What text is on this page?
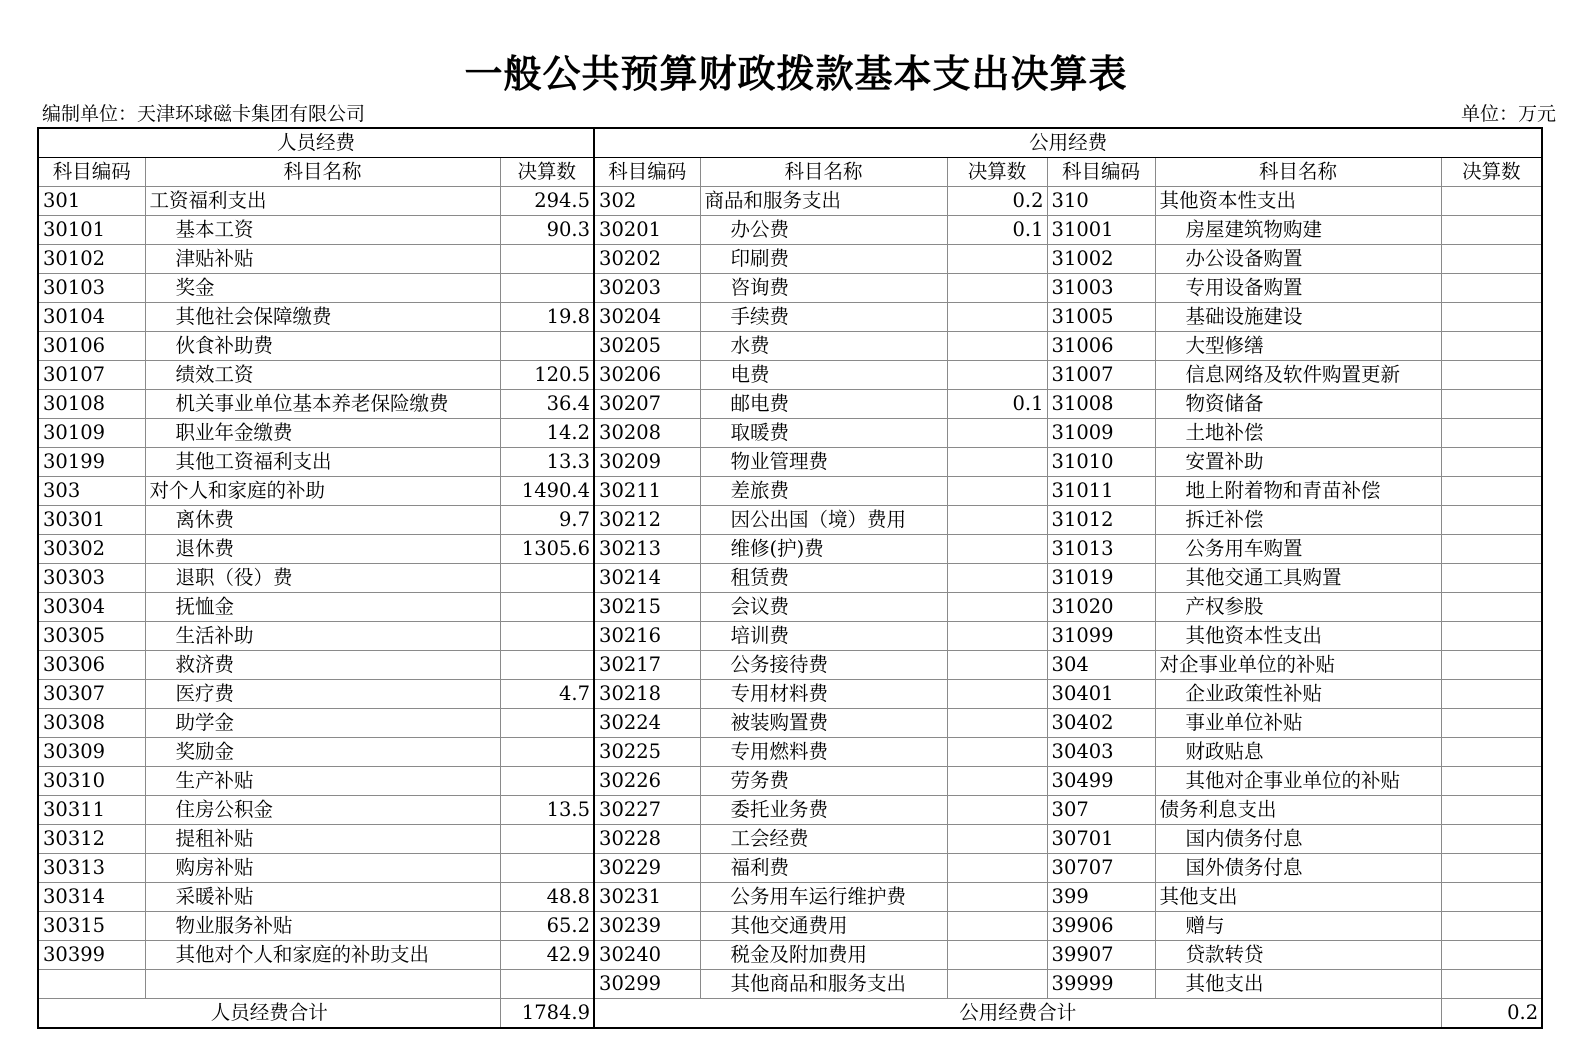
一般公共预算财政拨款基本支出决算表
编制单位：天津环球磁卡集团有限公司	单位：万元
人员经费			公用经费					
科目编码	科目名称	决算数	科目编码	科目名称	决算数	科目编码	科目名称	决算数
301	工资福利支出	294.5	302	商品和服务支出	0.2	310	其他资本性支出	
30101	基本工资	90.3	30201	办公费	0.1	31001	房屋建筑物购建	
30102	津贴补贴		30202	印刷费		31002	办公设备购置	
30103	奖金		30203	咨询费		31003	专用设备购置	
30104	其他社会保障缴费	19.8	30204	手续费		31005	基础设施建设	
30106	伙食补助费		30205	水费		31006	大型修缮	
30107	绩效工资	120.5	30206	电费		31007	信息网络及软件购置更新	
30108	机关事业单位基本养老保险缴费	36.4	30207	邮电费	0.1	31008	物资储备	
30109	职业年金缴费	14.2	30208	取暖费		31009	土地补偿	
30199	其他工资福利支出	13.3	30209	物业管理费		31010	安置补助	
303	对个人和家庭的补助	1490.4	30211	差旅费		31011	地上附着物和青苗补偿	
30301	离休费	9.7	30212	因公出国（境）费用		31012	拆迁补偿	
30302	退休费	1305.6	30213	维修(护)费		31013	公务用车购置	
30303	退职（役）费		30214	租赁费		31019	其他交通工具购置	
30304	抚恤金		30215	会议费		31020	产权参股	
30305	生活补助		30216	培训费		31099	其他资本性支出	
30306	救济费		30217	公务接待费		304	对企事业单位的补贴	
30307	医疗费	4.7	30218	专用材料费		30401	企业政策性补贴	
30308	助学金		30224	被装购置费		30402	事业单位补贴	
30309	奖励金		30225	专用燃料费		30403	财政贴息	
30310	生产补贴		30226	劳务费		30499	其他对企事业单位的补贴	
30311	住房公积金	13.5	30227	委托业务费		307	债务利息支出	
30312	提租补贴		30228	工会经费		30701	国内债务付息	
30313	购房补贴		30229	福利费		30707	国外债务付息	
30314	采暖补贴	48.8	30231	公务用车运行维护费		399	其他支出	
30315	物业服务补贴	65.2	30239	其他交通费用		39906	赠与	
30399	其他对个人和家庭的补助支出	42.9	30240	税金及附加费用		39907	贷款转贷	
			30299	其他商品和服务支出		39999	其他支出	
人员经费合计		1784.9	公用经费合计					0.2
